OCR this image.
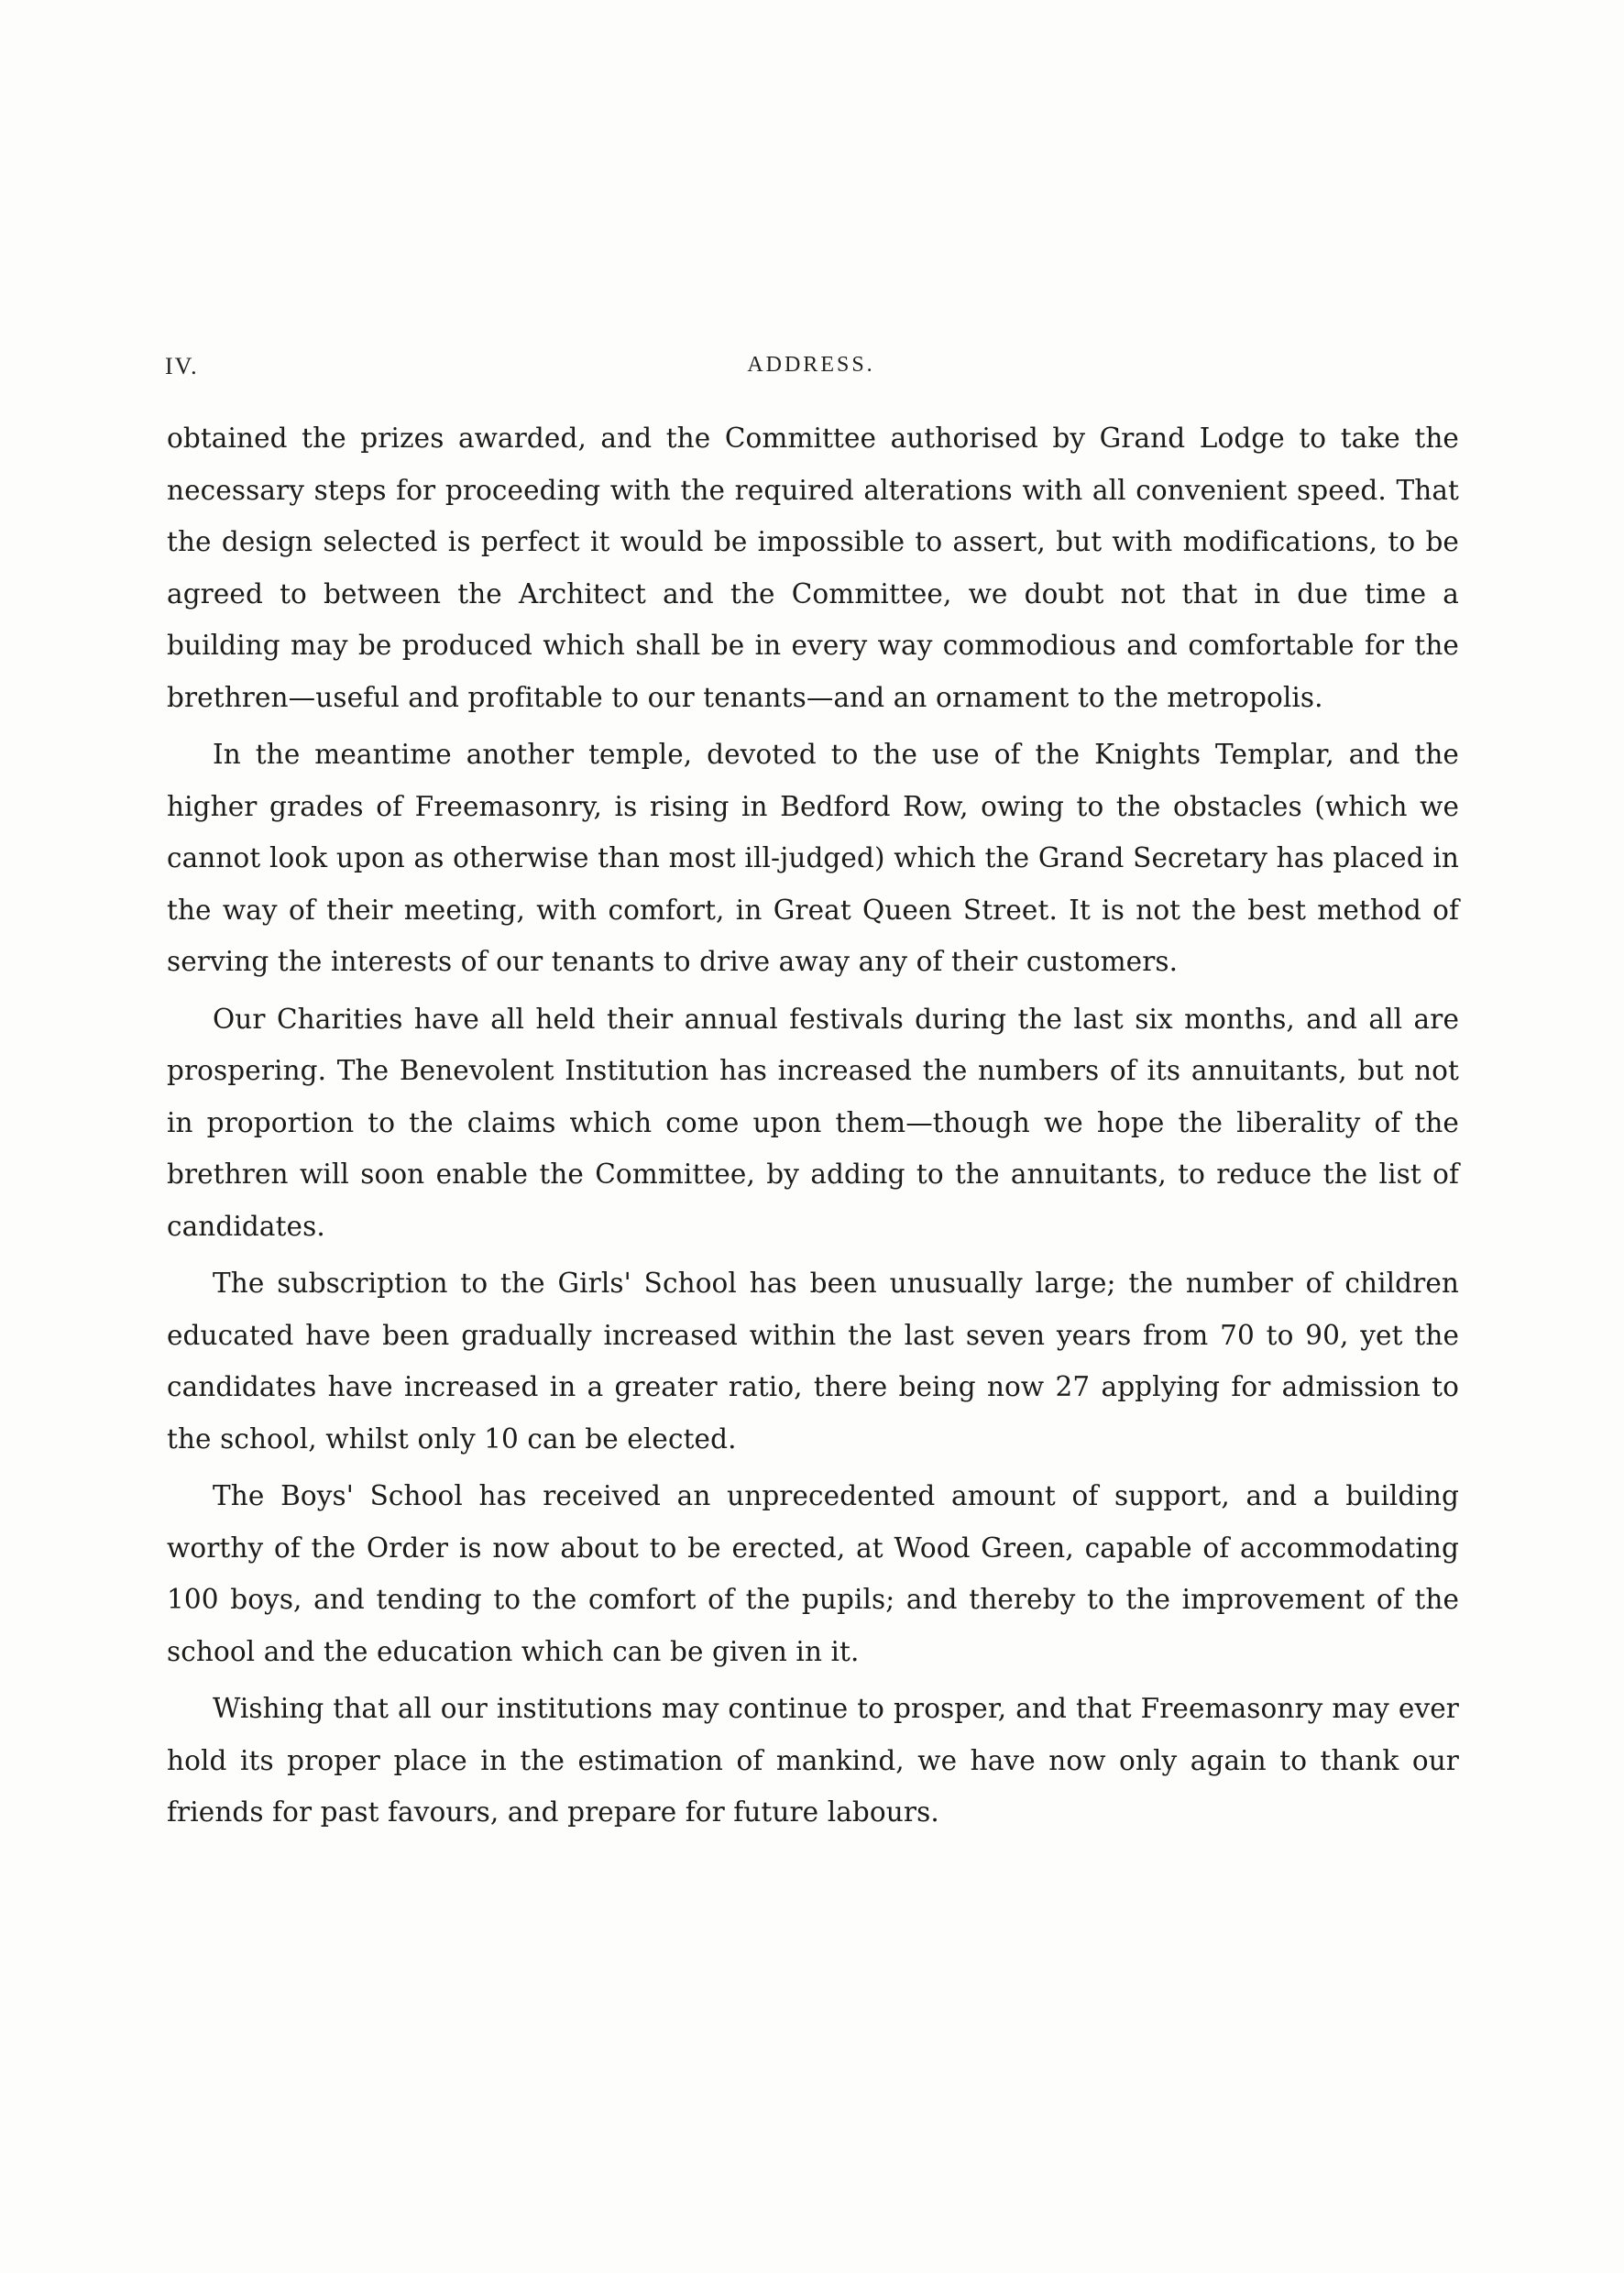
IV.	ADDRESS.

obtained the prizes awarded, and the Committee authorised by Grand Lodge to take the necessary steps for proceeding with the required alterations with all convenient speed. That the design selected is perfect it would be impossible to assert, but with modifications, to be agreed to between the Architect and the Committee, we doubt not that in due time a building may be produced which shall be in every way commodious and comfortable for the brethren—useful and profitable to our tenants—and an ornament to the metropolis.

In the meantime another temple, devoted to the use of the Knights Templar, and the higher grades of Freemasonry, is rising in Bedford Row, owing to the obstacles (which we cannot look upon as otherwise than most ill-judged) which the Grand Secretary has placed in the way of their meeting, with comfort, in Great Queen Street. It is not the best method of serving the interests of our tenants to drive away any of their customers.

Our Charities have all held their annual festivals during the last six months, and all are prospering. The Benevolent Institution has increased the numbers of its annuitants, but not in proportion to the claims which come upon them—though we hope the liberality of the brethren will soon enable the Committee, by adding to the annuitants, to reduce the list of candidates.

The subscription to the Girls' School has been unusually large; the number of children educated have been gradually increased within the last seven years from 70 to 90, yet the candidates have increased in a greater ratio, there being now 27 applying for admission to the school, whilst only 10 can be elected.

The Boys' School has received an unprecedented amount of support, and a building worthy of the Order is now about to be erected, at Wood Green, capable of accommodating 100 boys, and tending to the comfort of the pupils; and thereby to the improvement of the school and the education which can be given in it.

Wishing that all our institutions may continue to prosper, and that Freemasonry may ever hold its proper place in the estimation of mankind, we have now only again to thank our friends for past favours, and prepare for future labours.
